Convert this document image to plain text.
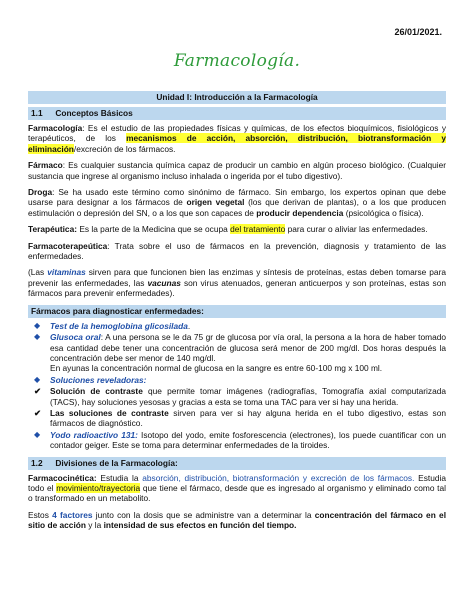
26/01/2021.
Farmacología.
Unidad I: Introducción a la Farmacología
1.1 Conceptos Básicos

Farmacología: Es el estudio de las propiedades físicas y químicas, de los efectos bioquímicos, fisiológicos y terapéuticos, de los mecanismos de acción, absorción, distribución, biotransformación y eliminación/excreción de los fármacos.

Fármaco: Es cualquier sustancia química capaz de producir un cambio en algún proceso biológico. (Cualquier sustancia que ingrese al organismo incluso inhalada o ingerida por el tubo digestivo).

Droga: Se ha usado este término como sinónimo de fármaco. Sin embargo, los expertos opinan que debe usarse para designar a los fármacos de origen vegetal (los que derivan de plantas), o a los que producen estimulación o depresión del SN, o a los que son capaces de producir dependencia (psicológica o física).

Terapéutica: Es la parte de la Medicina que se ocupa del tratamiento para curar o aliviar las enfermedades.

Farmacoterapeútica: Trata sobre el uso de fármacos en la prevención, diagnosis y tratamiento de las enfermedades.

(Las vitaminas sirven para que funcionen bien las enzimas y síntesis de proteínas, estas deben tomarse para prevenir las enfermedades, las vacunas son virus atenuados, generan anticuerpos y son proteínas, estas son fármacos para prevenir enfermedades).

Fármacos para diagnosticar enfermedades:
◆ Test de la hemoglobina glicosilada.
◆ Glusoca oral: A una persona se le da 75 gr de glucosa por vía oral, la persona a la hora de haber tomado esa cantidad debe tener una concentración de glucosa será menor de 200 mg/dl. Dos horas después la concentración debe ser menor de 140 mg/dl.
En ayunas la concentración normal de glucosa en la sangre es entre 60-100 mg x 100 ml.
◆ Soluciones reveladoras:
✔ Solución de contraste que permite tomar imágenes (radiografías, Tomografía axial computarizada (TACS), hay soluciones yesosas y gracias a esta se toma una TAC para ver si hay una herida.
✔ Las soluciones de contraste sirven para ver si hay alguna herida en el tubo digestivo, estas son fármacos de diagnóstico.
◆ Yodo radioactivo 131: Isotopo del yodo, emite fosforescencia (electrones), los puede cuantificar con un contador geiger. Este se toma para determinar enfermedades de la tiroides.
1.2 Divisiones de la Farmacología:

Farmacocinética: Estudia la absorción, distribución, biotransformación y excreción de los fármacos. Estudia todo el movimiento/trayectoria que tiene el fármaco, desde que es ingresado al organismo y eliminado como tal o transformado en un metabolito.

Estos 4 factores junto con la dosis que se administre van a determinar la concentración del fármaco en el sitio de acción y la intensidad de sus efectos en función del tiempo.
